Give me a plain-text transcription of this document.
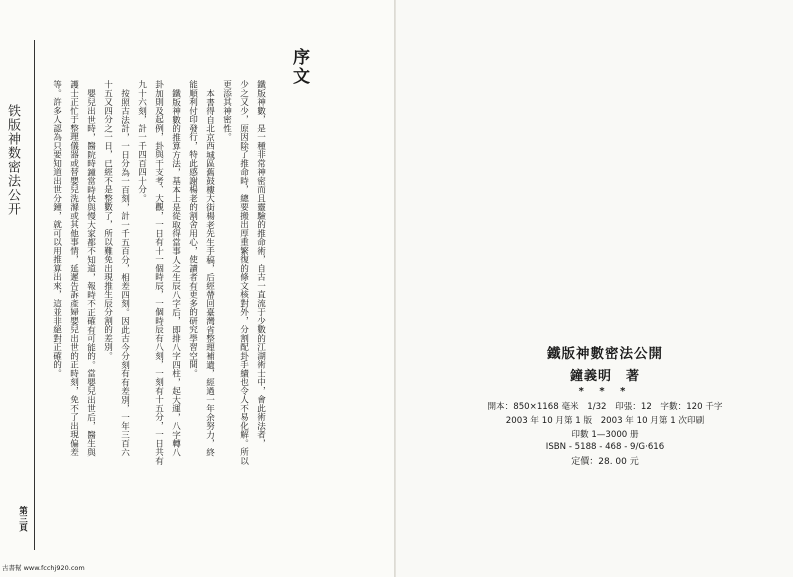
铁版神数密法公开
第三頁
序文
鐵版神數，是一種非常神密而且靈驗的推命術，自古一直流于少數的江湖術士中，會此術法者，
少之又少，原因除了推命時，總要搬出厚重繁復的條文核對外，分割配卦手續也令人不易化解。所以
更添其神密性。
本書得自北京西城區舊鼓樓大街楊老先生手稿，后經帶回臺灣省整理補遺，經過一年余努力，終
能順利付印發行，特此感謝楊老的割舍用心，使讀者有更多的研究學習空間。
鐵版神數的推算方法，基本上是從取得當事人之生辰八字后，即排八字四柱，起大運，八字轉八
卦加則及起例，卦與干支考、大觀，一日有十一個時辰，一個時辰有八刻，一刻有十五分，一日共有
九十六刻，計一千四百四十分。
按照古法計，一日分為一百刻，計一千五百分，相差四刻。因此古今分刻有有差別，一年三百六
十五又四分之一日，已經不是整數了，所以難免出現推生辰分割的差別。
嬰兒出世時，醫院時鐘當時快與慢大家都不知道，報時不正確有可能的。當嬰兒出世后，醫生與
護士正忙于整理儀器或替嬰兒洗滌或其他事情，延遲告訴產婦嬰兒出世的正時刻，免不了出現偏差
等。許多人認為只要知道出世分鐘，就可以用推算出來，這並非絕對正確的。
古書幫 www.fcchj920.com
鐵版神數密法公開
鐘義明　著
* * *
開本：850×1168 毫米　1/32　印張：12　字數：120 千字
2003 年 10 月第 1 版　2003 年 10 月第 1 次印刷
印數 1—3000 册
ISBN - 5188 - 468 - 9/G·616
定價：28. 00 元
